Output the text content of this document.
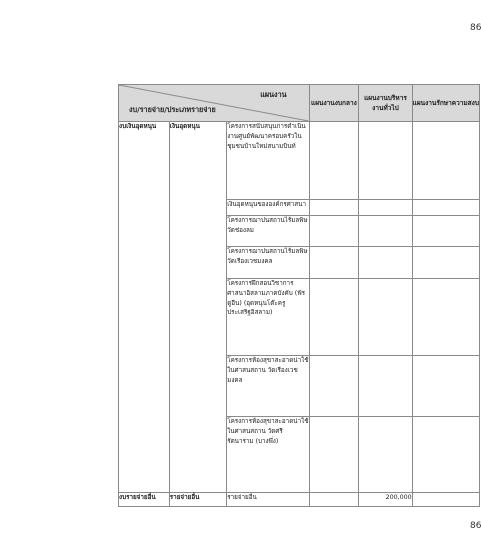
86
แผนงาน
งบ/รายจ่าย/ประเภทรายจ่าย			แผนงานงบกลาง	แผนงานบริหารงานทั่วไป	แผนงานรักษาความสงบ
งบเงินอุดหนุน	เงินอุดหนุน	โครงการสนับสนุนการดำเนินงานศูนย์พัฒนาครอบครัวในชุมชนบ้านใหม่สนามบินท์			
		เงินอุดหนุนขององค์กรศาสนา			
		โครงการฌาปนสถานไร้มลพิษ วัดช่องลม			
		โครงการฌาปนสถานไร้มลพิษ วัดเรืองเวชมงคล			
		โครงการฝึกสอนวิชาการศาสนาอิสลามภาคบังคับ (ฟัรดูอีน) (อุดหนุนโต๊ะครูประเสริฐอิสลาม)			
		โครงการห้องสุขาสะอาดน่าใช้ในศาสนสถาน วัดเรืองเวชมงคล			
		โครงการห้องสุขาสะอาดน่าใช้ในศาสนสถาน วัดศรีรัตนาราม (บางพึ่ง)			
งบรายจ่ายอื่น	รายจ่ายอื่น	รายจ่ายอื่น		200,000	
86
